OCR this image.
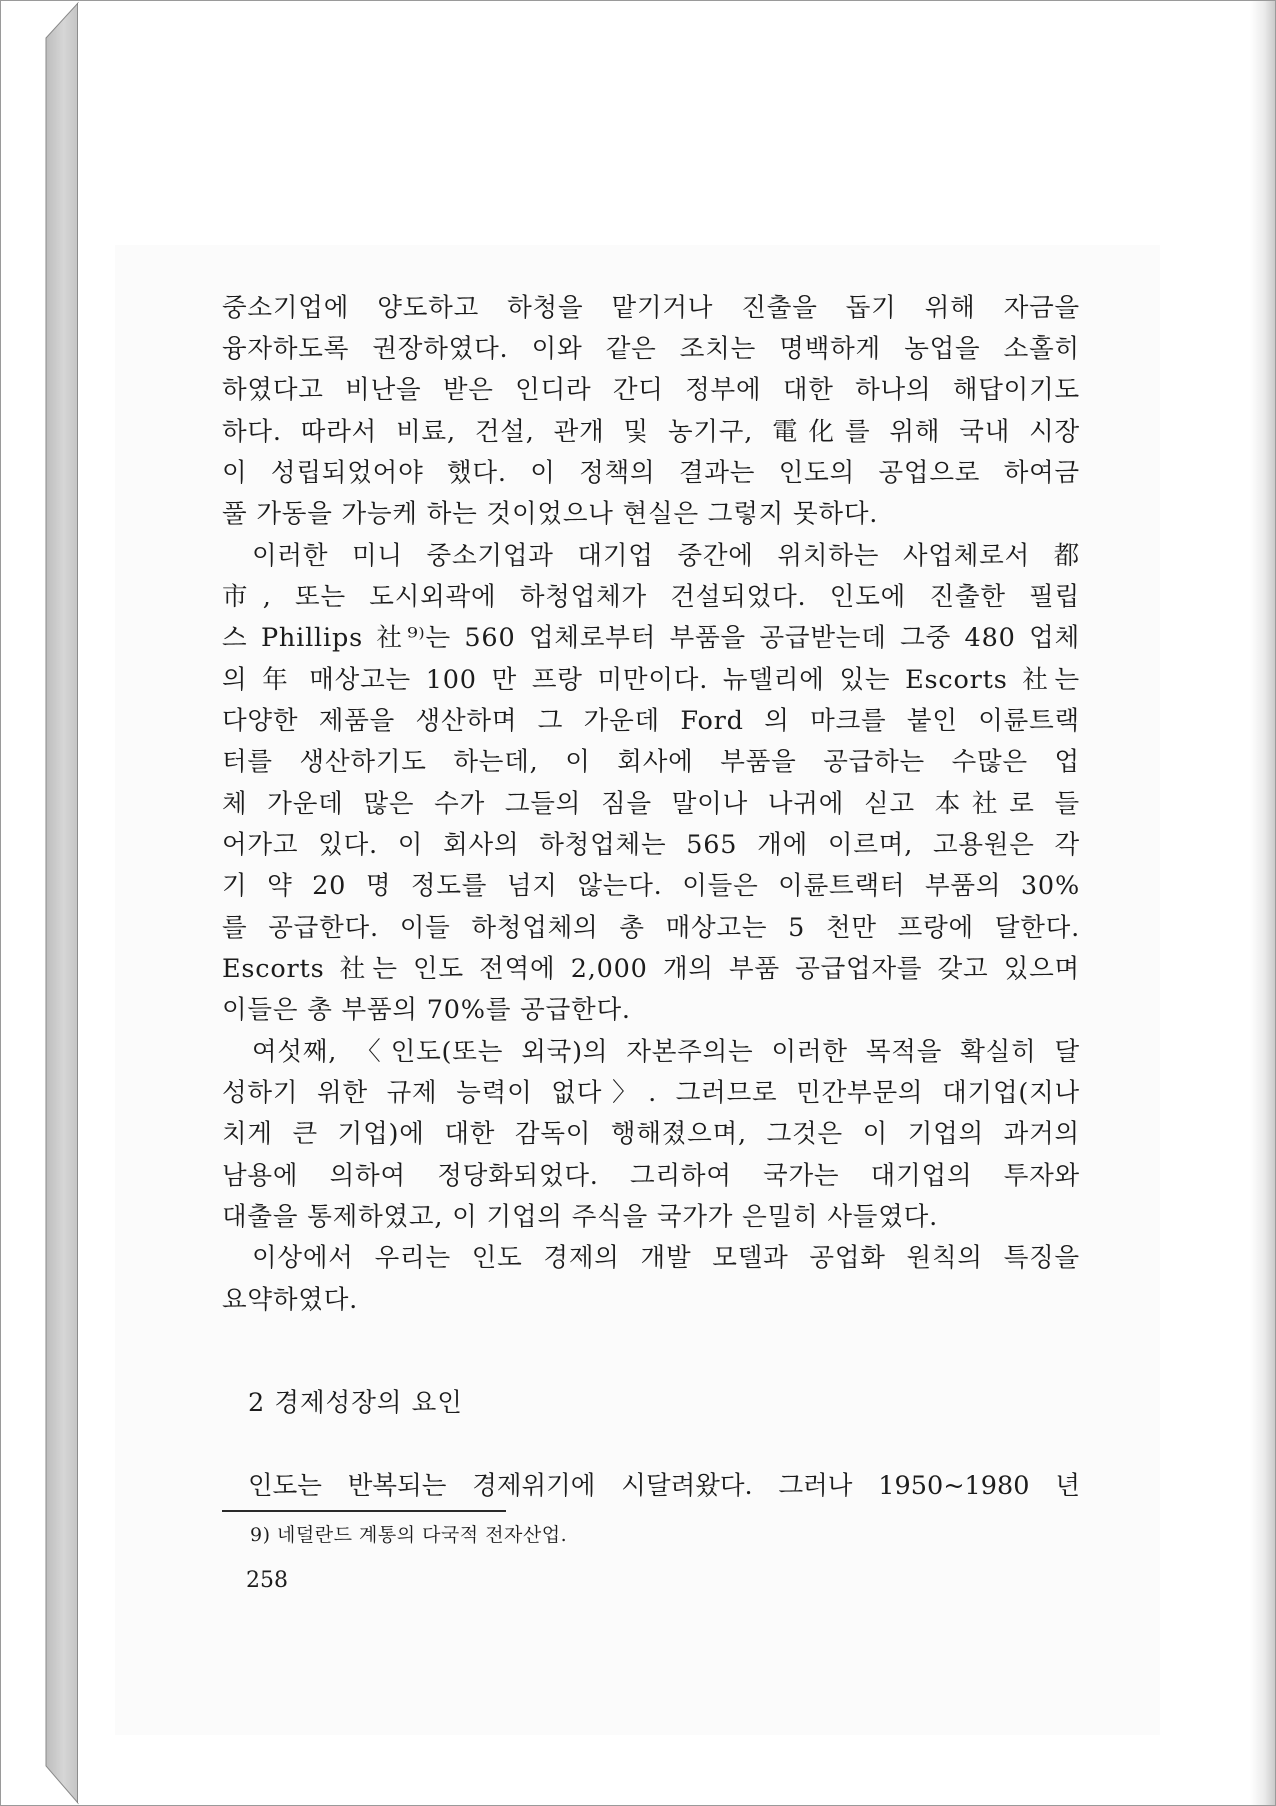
중소기업에 양도하고 하청을 맡기거나 진출을 돕기 위해 자금을
융자하도록 권장하였다. 이와 같은 조치는 명백하게 농업을 소홀히
하였다고 비난을 받은 인디라 간디 정부에 대한 하나의 해답이기도
하다. 따라서 비료, 건설, 관개 및 농기구, 電化를 위해 국내 시장
이 성립되었어야 했다. 이 정책의 결과는 인도의 공업으로 하여금
풀 가동을 가능케 하는 것이었으나 현실은 그렇지 못하다.
이러한 미니 중소기업과 대기업 중간에 위치하는 사업체로서 都
市, 또는 도시외곽에 하청업체가 건설되었다. 인도에 진출한 필립
스 Phillips 社⁹⁾는 560 업체로부터 부품을 공급받는데 그중 480 업체
의 年 매상고는 100 만 프랑 미만이다. 뉴델리에 있는 Escorts 社는
다양한 제품을 생산하며 그 가운데 Ford 의 마크를 붙인 이륜트랙
터를 생산하기도 하는데, 이 회사에 부품을 공급하는 수많은 업
체 가운데 많은 수가 그들의 짐을 말이나 나귀에 싣고 本社로 들
어가고 있다. 이 회사의 하청업체는 565 개에 이르며, 고용원은 각
기 약 20 명 정도를 넘지 않는다. 이들은 이륜트랙터 부품의 30%
를 공급한다. 이들 하청업체의 총 매상고는 5 천만 프랑에 달한다.
Escorts 社는 인도 전역에 2,000 개의 부품 공급업자를 갖고 있으며
이들은 총 부품의 70%를 공급한다.
여섯째, 〈인도(또는 외국)의 자본주의는 이러한 목적을 확실히 달
성하기 위한 규제 능력이 없다〉. 그러므로 민간부문의 대기업(지나
치게 큰 기업)에 대한 감독이 행해졌으며, 그것은 이 기업의 과거의
남용에 의하여 정당화되었다. 그리하여 국가는 대기업의 투자와
대출을 통제하였고, 이 기업의 주식을 국가가 은밀히 사들였다.
이상에서 우리는 인도 경제의 개발 모델과 공업화 원칙의 특징을
요약하였다.
2 경제성장의 요인
인도는 반복되는 경제위기에 시달려왔다. 그러나 1950~1980 년
9) 네덜란드 계통의 다국적 전자산업.
258
